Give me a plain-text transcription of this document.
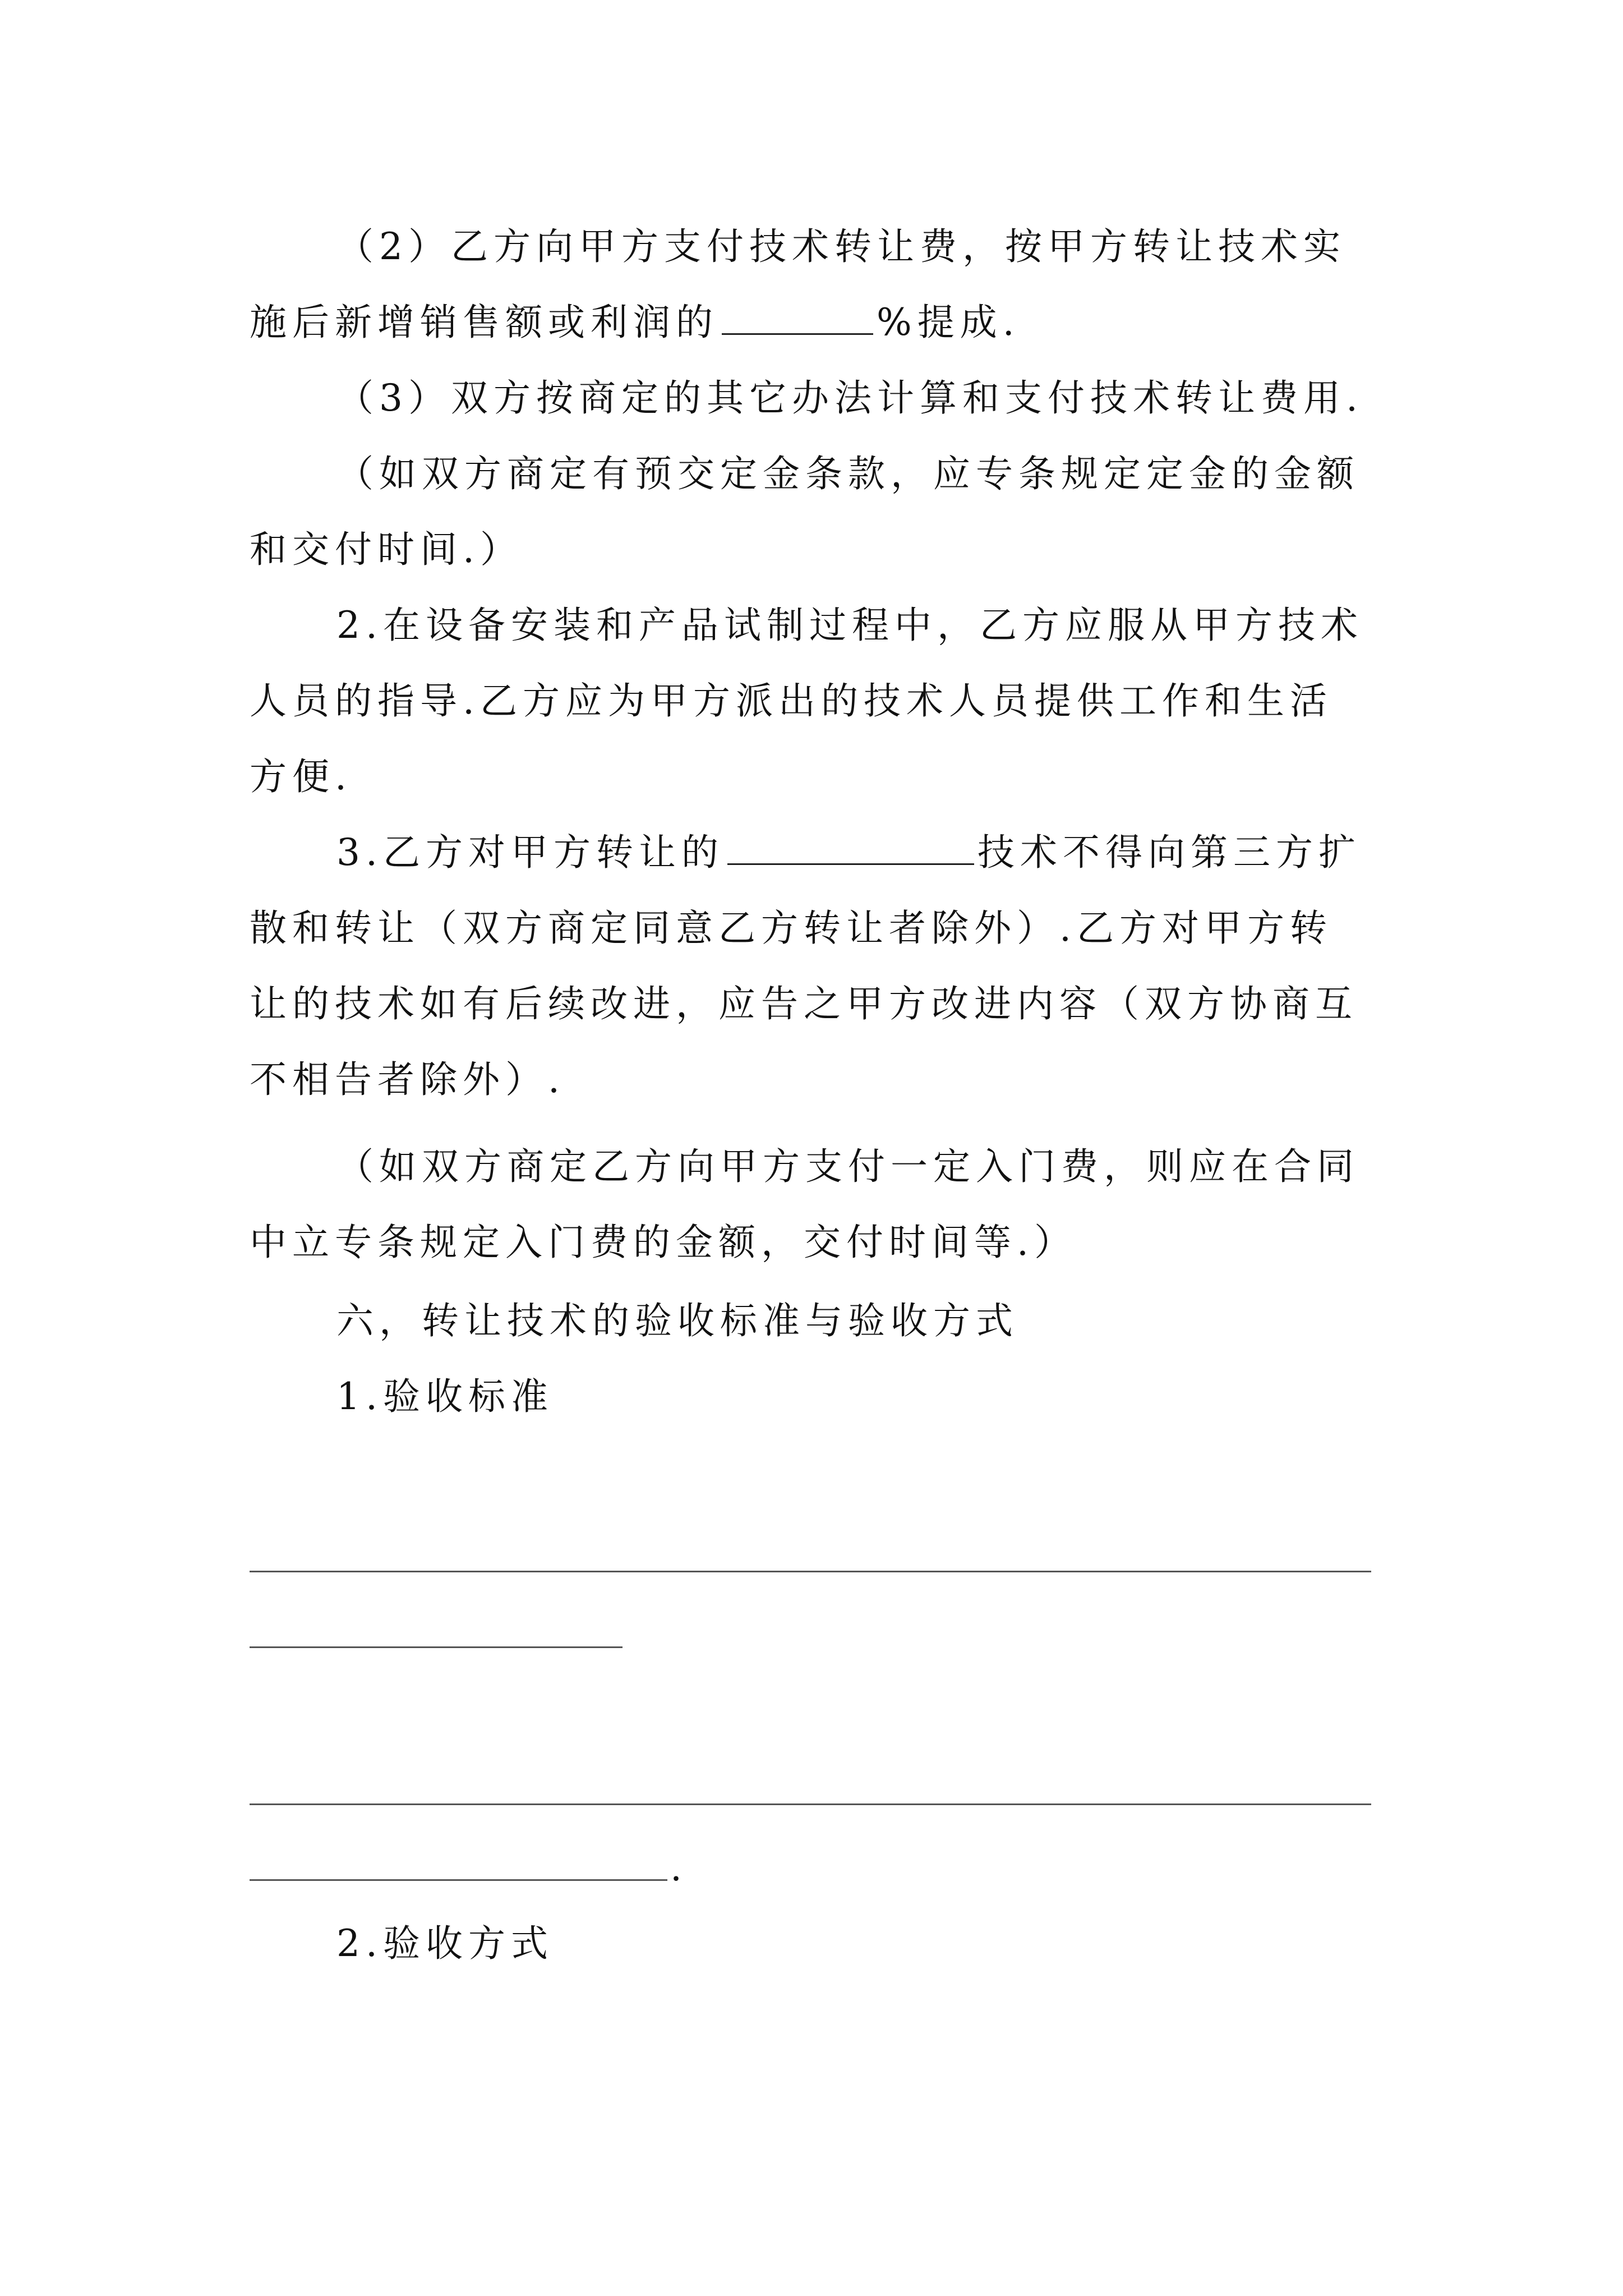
（2）乙方向甲方支付技术转让费，按甲方转让技术实
施后新增销售额或利润的	%提成.
（3）双方按商定的其它办法计算和支付技术转让费用.
（如双方商定有预交定金条款，应专条规定定金的金额
和交付时间.）
2.在设备安装和产品试制过程中，乙方应服从甲方技术
人员的指导.乙方应为甲方派出的技术人员提供工作和生活
方便.
3.乙方对甲方转让的	技术不得向第三方扩
散和转让（双方商定同意乙方转让者除外）.乙方对甲方转
让的技术如有后续改进，应告之甲方改进内容（双方协商互
不相告者除外）.
（如双方商定乙方向甲方支付一定入门费，则应在合同
中立专条规定入门费的金额，交付时间等.）
六，转让技术的验收标准与验收方式
1.验收标准
.
2.验收方式
